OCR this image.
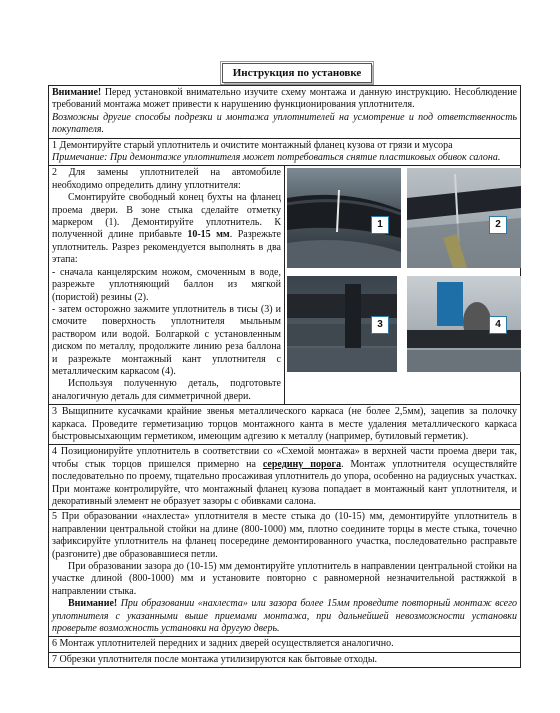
Инструкция по установке
Внимание! Перед установкой внимательно изучите схему монтажа и данную инструкцию. Несоблюдение требований монтажа может привести к нарушению функционирования уплотнителя.
Возможны другие способы подрезки и монтажа уплотнителей на усмотрение и под ответственность покупателя.
1 Демонтируйте старый уплотнитель и очистите монтажный фланец кузова от грязи и мусора
Примечание: При демонтаже уплотнителя может потребоваться снятие пластиковых обивок салона.
2 Для замены уплотнителей на автомобиле необходимо определить длину уплотнителя:
Смонтируйте свободный конец бухты на фланец проема двери. В зоне стыка сделайте отметку маркером (1). Демонтируйте уплотнитель. К полученной длине прибавьте 10-15 мм. Разрежьте уплотнитель. Разрез рекомендуется выполнять в два этапа:
- сначала канцелярским ножом, смоченным в воде, разрежьте уплотняющий баллон из мягкой (пористой) резины (2).
- затем осторожно зажмите уплотнитель в тисы (3) и смочите поверхность уплотнителя мыльным раствором или водой. Болгаркой с установленным диском по металлу, продолжите линию реза баллона и разрежьте монтажный кант уплотнителя с металлическим каркасом (4).
Используя полученную деталь, подготовьте аналогичную деталь для симметричной двери.
1	2
3	4
3 Выщипните кусачками крайние звенья металлического каркаса (не более 2,5мм), зацепив за полочку каркаса. Проведите герметизацию торцов монтажного канта в месте удаления металлического каркаса быстровысыхающим герметиком, имеющим адгезию к металлу (например, бутиловый герметик).
4 Позиционируйте уплотнитель в соответствии со «Схемой монтажа» в верхней части проема двери так, чтобы стык торцов пришелся примерно на середину порога. Монтаж уплотнителя осуществляйте последовательно по проему, тщательно просаживая уплотнитель до упора, особенно на радиусных участках. При монтаже контролируйте, что монтажный фланец кузова попадает в монтажный кант уплотнителя, и декоративный элемент не образует зазоры с обивками салона.
5 При образовании «нахлеста» уплотнителя в месте стыка до (10-15) мм, демонтируйте уплотнитель в направлении центральной стойки на длине (800-1000) мм, плотно соедините торцы в месте стыка, точечно зафиксируйте уплотнитель на фланец посередине демонтированного участка, последовательно расправьте (разгоните) две образовавшиеся петли.
При образовании зазора до (10-15) мм демонтируйте уплотнитель в направлении центральной стойки на участке длиной (800-1000) мм и установите повторно с равномерной незначительной растяжкой в направлении стыка.
Внимание! При образовании «нахлеста» или зазора более 15мм проведите повторный монтаж всего уплотнителя с указанными выше приемами монтажа, при дальнейшей невозможности установки проверьте возможность установки на другую дверь.
6 Монтаж уплотнителей передних и задних дверей осуществляется аналогично.
7 Обрезки уплотнителя после монтажа утилизируются как бытовые отходы.
